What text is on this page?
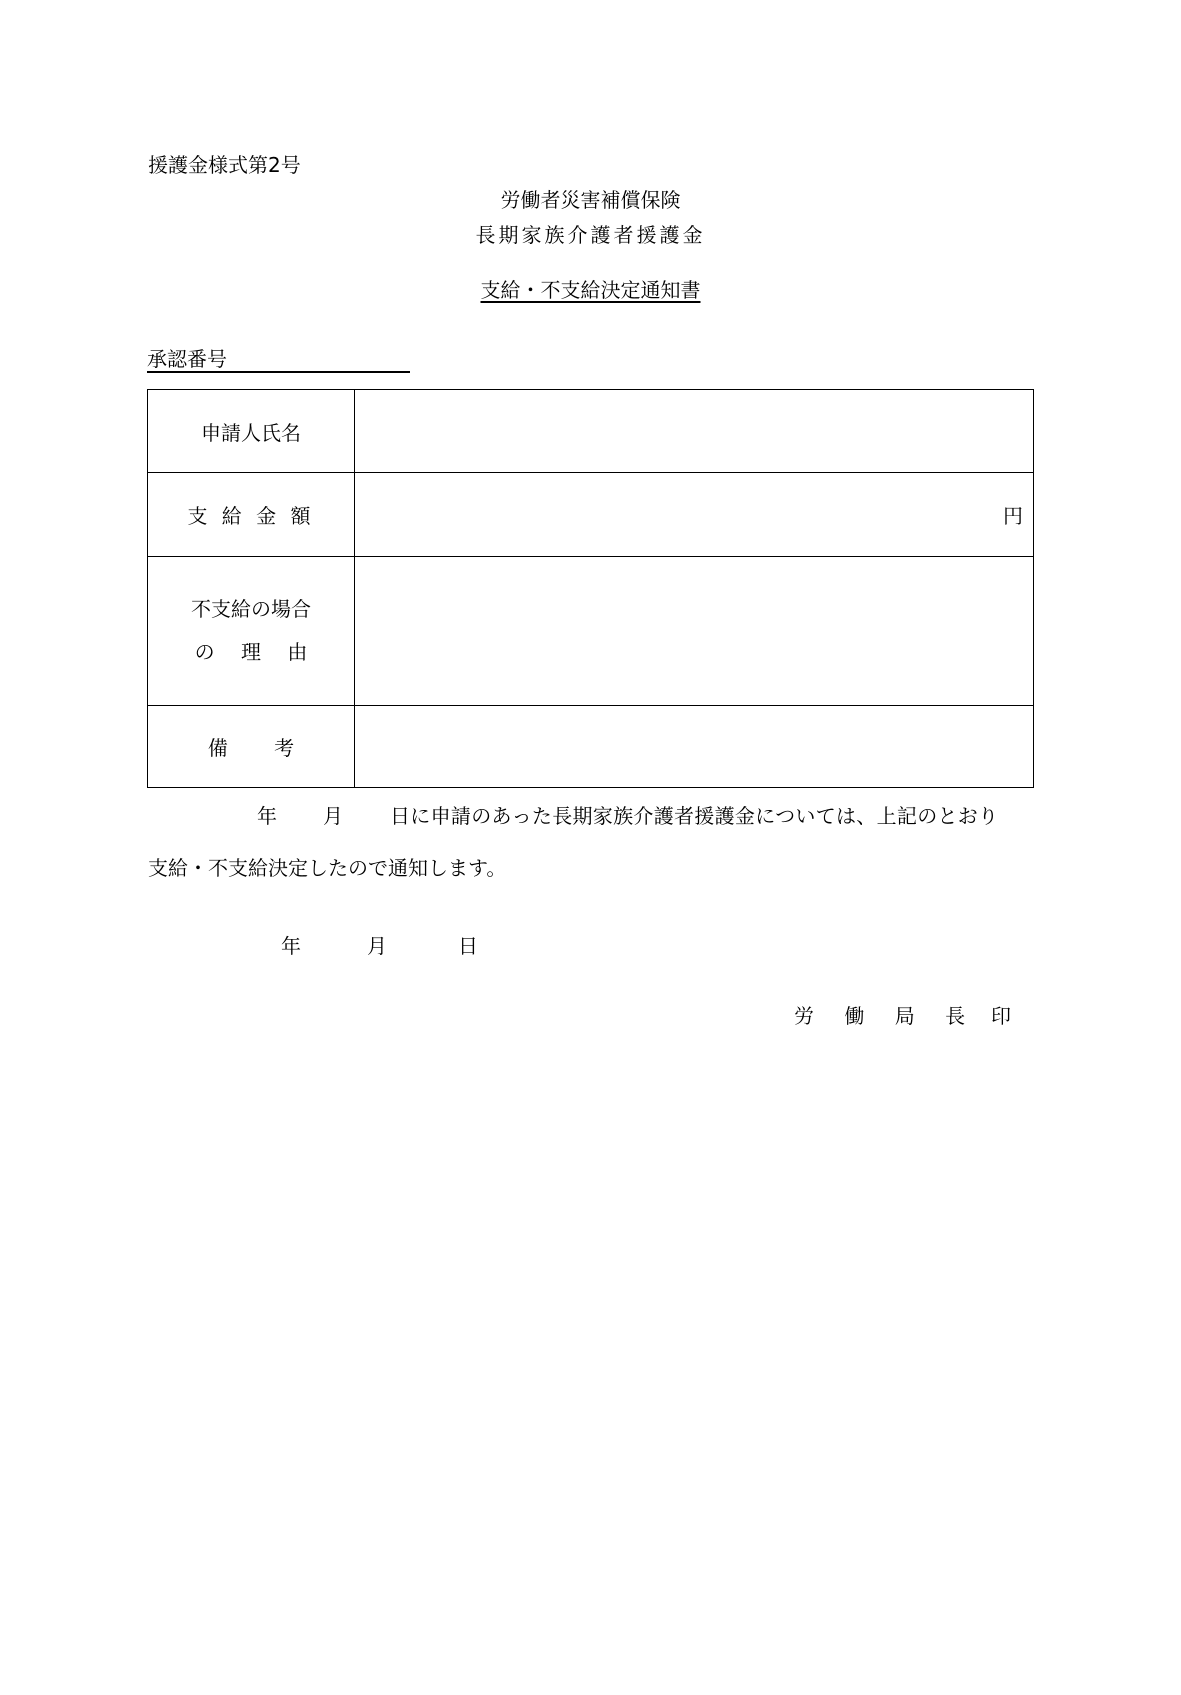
援護金様式第2号
労働者災害補償保険
長期家族介護者援護金
支給・不支給決定通知書
承認番号
申請人氏名	
支 給 金 額	円

不支給の場合
の　 理　 由	

備　　 考	
年 月 日に申請のあった長期家族介護者援護金については、上記のとおり
支給・不支給決定したので通知します。
年	月	日
労 働 局 長 印
